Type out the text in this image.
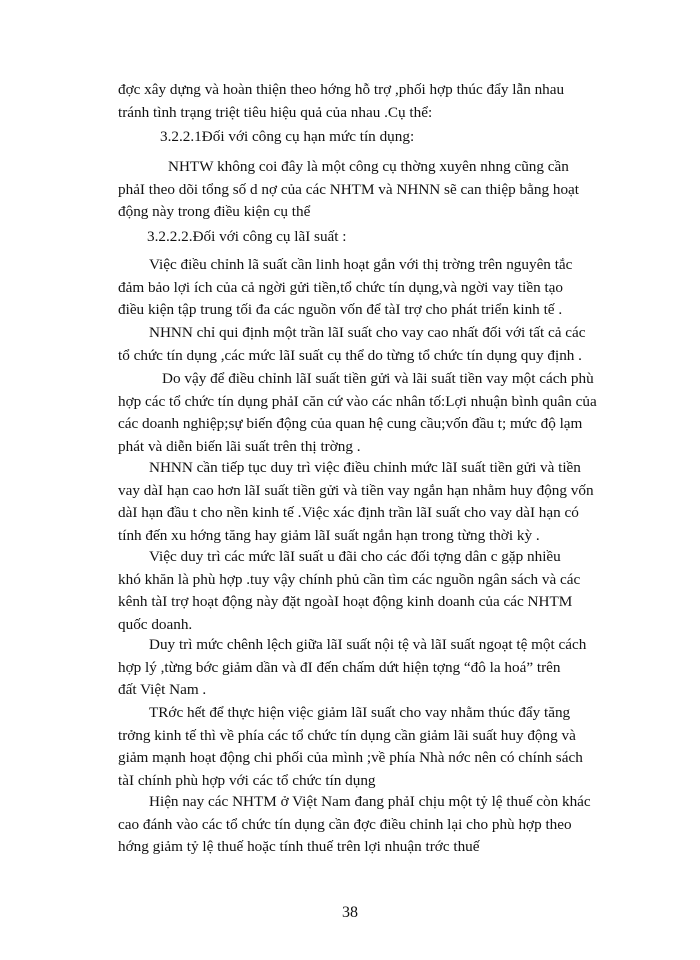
đợc xây dựng và hoàn thiện theo hớng hỗ trợ ,phối hợp thúc đẩy lẫn nhau
tránh tình trạng triệt tiêu hiệu quả của nhau .Cụ thể:

3.2.2.1Đối với công cụ hạn mức tín dụng:

NHTW không coi đây là một công cụ thờng xuyên nhng cũng cần
phảI theo dõi tổng số d nợ của các NHTM và NHNN sẽ can thiệp bằng hoạt
động này trong điều kiện cụ thể

3.2.2.2.Đối với công cụ lãI suất :

Việc điều chỉnh lã suất cần linh hoạt gắn với thị trờng trên nguyên tắc
đảm bảo lợi ích của cả ngời gửi tiền,tổ chức tín dụng,và ngời vay tiền tạo
điều kiện tập trung tối đa các nguồn vốn để tàI trợ cho phát triển kinh tế .

NHNN chỉ qui định một trần lãI suất cho vay cao nhất đối với tất cả các
tổ chức tín dụng ,các mức lãI suất cụ thể do từng tổ chức tín dụng quy định .

Do vậy để điều chỉnh lãI suất tiền gửi và lãi suất tiền vay một cách phù
hợp các tổ chức tín dụng phảI căn cứ vào các nhân tố:Lợi nhuận bình quân của
các doanh nghiệp;sự biến động của quan hệ cung cầu;vốn đầu t; mức độ lạm
phát và diễn biến lãi suất trên thị trờng .

NHNN cần tiếp tục duy trì việc điều chỉnh mức lãI suất tiền gửi và tiền
vay dàI hạn cao hơn lãI suất tiền gửi và tiền vay ngắn hạn nhằm huy động vốn
dàI hạn đầu t cho nền kinh tế .Việc xác định trần lãI suất cho vay dàI hạn có
tính đến xu hớng tăng hay giảm lãI suất ngắn hạn trong từng thời kỳ .

Việc duy trì các mức lãI suất u đãi cho các đối tợng dân c gặp nhiều
khó khăn là phù hợp .tuy vậy chính phủ cần tìm các nguồn ngân sách và các
kênh tàI trợ hoạt động này đặt ngoàI hoạt động kinh doanh của các NHTM
quốc doanh.

Duy trì mức chênh lệch giữa lãI suất nội tệ và lãI suất ngoạt tệ một cách
hợp lý ,từng bớc giảm dần và đI đến chấm dứt hiện tợng “đô la hoá” trên
đất Việt Nam .

TRớc hết để thực hiện việc giảm lãI suất cho vay nhằm thúc đẩy tăng
trởng kinh tế thì về phía các tổ chức tín dụng cần giảm lãi suất huy động và
giảm mạnh hoạt động chi phối của mình ;về phía Nhà nớc nên có chính sách
tàI chính phù hợp với các tổ chức tín dụng

Hiện nay các NHTM ở Việt Nam đang phảI chịu một tỷ lệ thuế còn khác
cao đánh vào các tổ chức tín dụng cần đợc điều chỉnh lại cho phù hợp theo
hớng giảm tỷ lệ thuế hoặc tính thuế trên lợi nhuận trớc thuế

38
